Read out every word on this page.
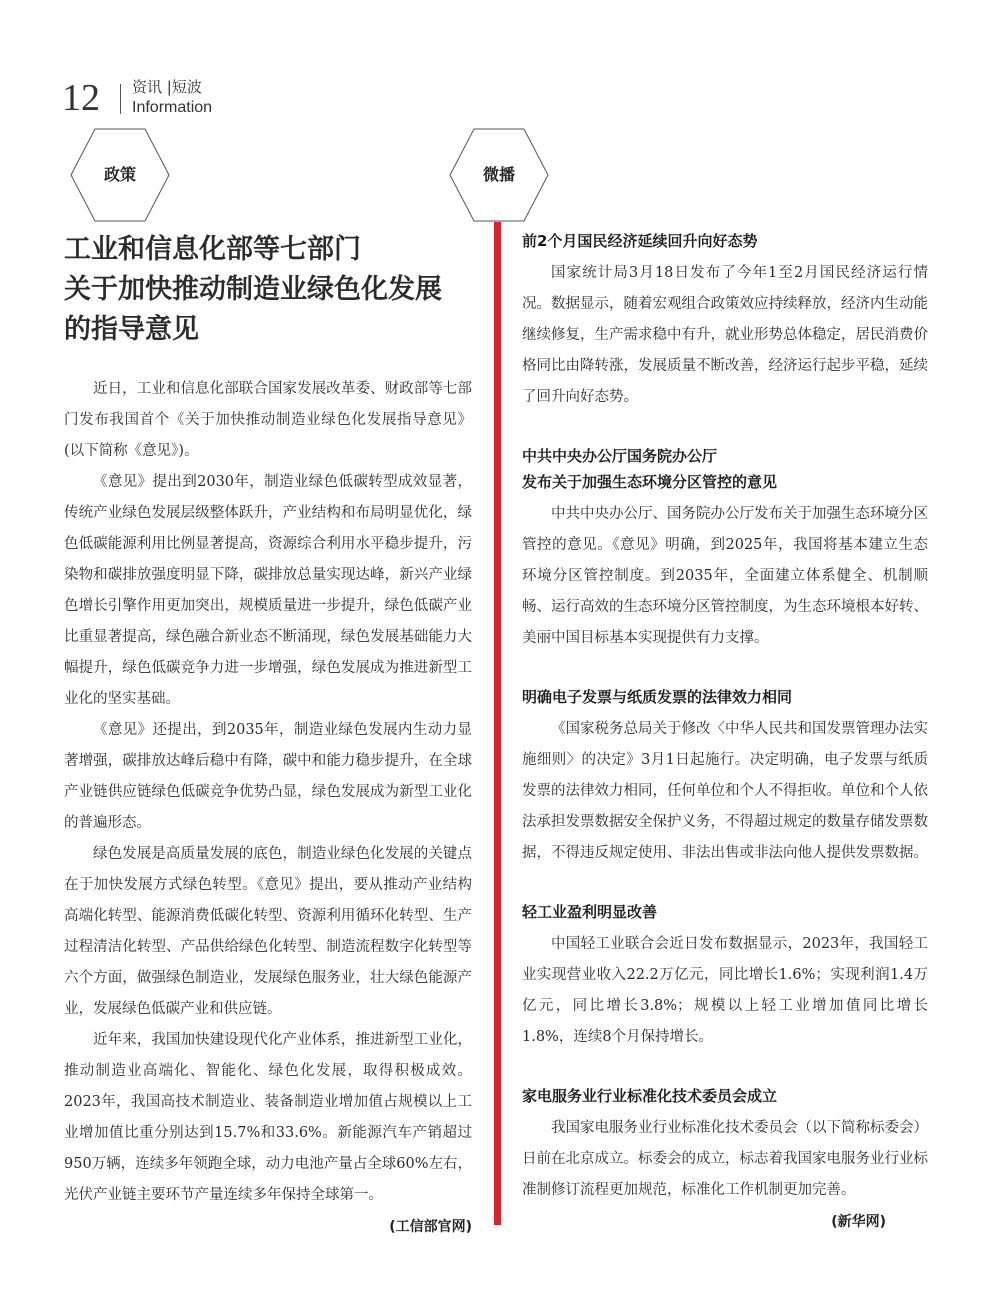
12 资讯 |短波
Information
政策	微播
工业和信息化部等七部门
关于加快推动制造业绿色化发展
的指导意见

近日，工业和信息化部联合国家发展改革委、财政部等七部门发布我国首个《关于加快推动制造业绿色化发展指导意见》(以下简称《意见》)。

《意见》提出到2030年，制造业绿色低碳转型成效显著，传统产业绿色发展层级整体跃升，产业结构和布局明显优化，绿色低碳能源利用比例显著提高，资源综合利用水平稳步提升，污染物和碳排放强度明显下降，碳排放总量实现达峰，新兴产业绿色增长引擎作用更加突出，规模质量进一步提升，绿色低碳产业比重显著提高，绿色融合新业态不断涌现，绿色发展基础能力大幅提升，绿色低碳竞争力进一步增强，绿色发展成为推进新型工业化的坚实基础。

《意见》还提出，到2035年，制造业绿色发展内生动力显著增强，碳排放达峰后稳中有降，碳中和能力稳步提升，在全球产业链供应链绿色低碳竞争优势凸显，绿色发展成为新型工业化的普遍形态。

绿色发展是高质量发展的底色，制造业绿色化发展的关键点在于加快发展方式绿色转型。《意见》提出，要从推动产业结构高端化转型、能源消费低碳化转型、资源利用循环化转型、生产过程清洁化转型、产品供给绿色化转型、制造流程数字化转型等六个方面，做强绿色制造业，发展绿色服务业，壮大绿色能源产业，发展绿色低碳产业和供应链。

近年来，我国加快建设现代化产业体系，推进新型工业化，推动制造业高端化、智能化、绿色化发展，取得积极成效。2023年，我国高技术制造业、装备制造业增加值占规模以上工业增加值比重分别达到15.7%和33.6%。新能源汽车产销超过950万辆，连续多年领跑全球，动力电池产量占全球60%左右，光伏产业链主要环节产量连续多年保持全球第一。

(工信部官网)
前2个月国民经济延续回升向好态势

国家统计局3月18日发布了今年1至2月国民经济运行情况。数据显示，随着宏观组合政策效应持续释放，经济内生动能继续修复，生产需求稳中有升，就业形势总体稳定，居民消费价格同比由降转涨，发展质量不断改善，经济运行起步平稳，延续了回升向好态势。

中共中央办公厅国务院办公厅
发布关于加强生态环境分区管控的意见

中共中央办公厅、国务院办公厅发布关于加强生态环境分区管控的意见。《意见》明确，到2025年，我国将基本建立生态环境分区管控制度。到2035年，全面建立体系健全、机制顺畅、运行高效的生态环境分区管控制度，为生态环境根本好转、美丽中国目标基本实现提供有力支撑。

明确电子发票与纸质发票的法律效力相同

《国家税务总局关于修改〈中华人民共和国发票管理办法实施细则〉的决定》3月1日起施行。决定明确，电子发票与纸质发票的法律效力相同，任何单位和个人不得拒收。单位和个人依法承担发票数据安全保护义务，不得超过规定的数量存储发票数据，不得违反规定使用、非法出售或非法向他人提供发票数据。

轻工业盈利明显改善

中国轻工业联合会近日发布数据显示，2023年，我国轻工业实现营业收入22.2万亿元，同比增长1.6%；实现利润1.4万亿元，同比增长3.8%；规模以上轻工业增加值同比增长1.8%，连续8个月保持增长。

家电服务业行业标准化技术委员会成立

我国家电服务业行业标准化技术委员会（以下简称标委会）日前在北京成立。标委会的成立，标志着我国家电服务业行业标准制修订流程更加规范，标准化工作机制更加完善。

(新华网)
